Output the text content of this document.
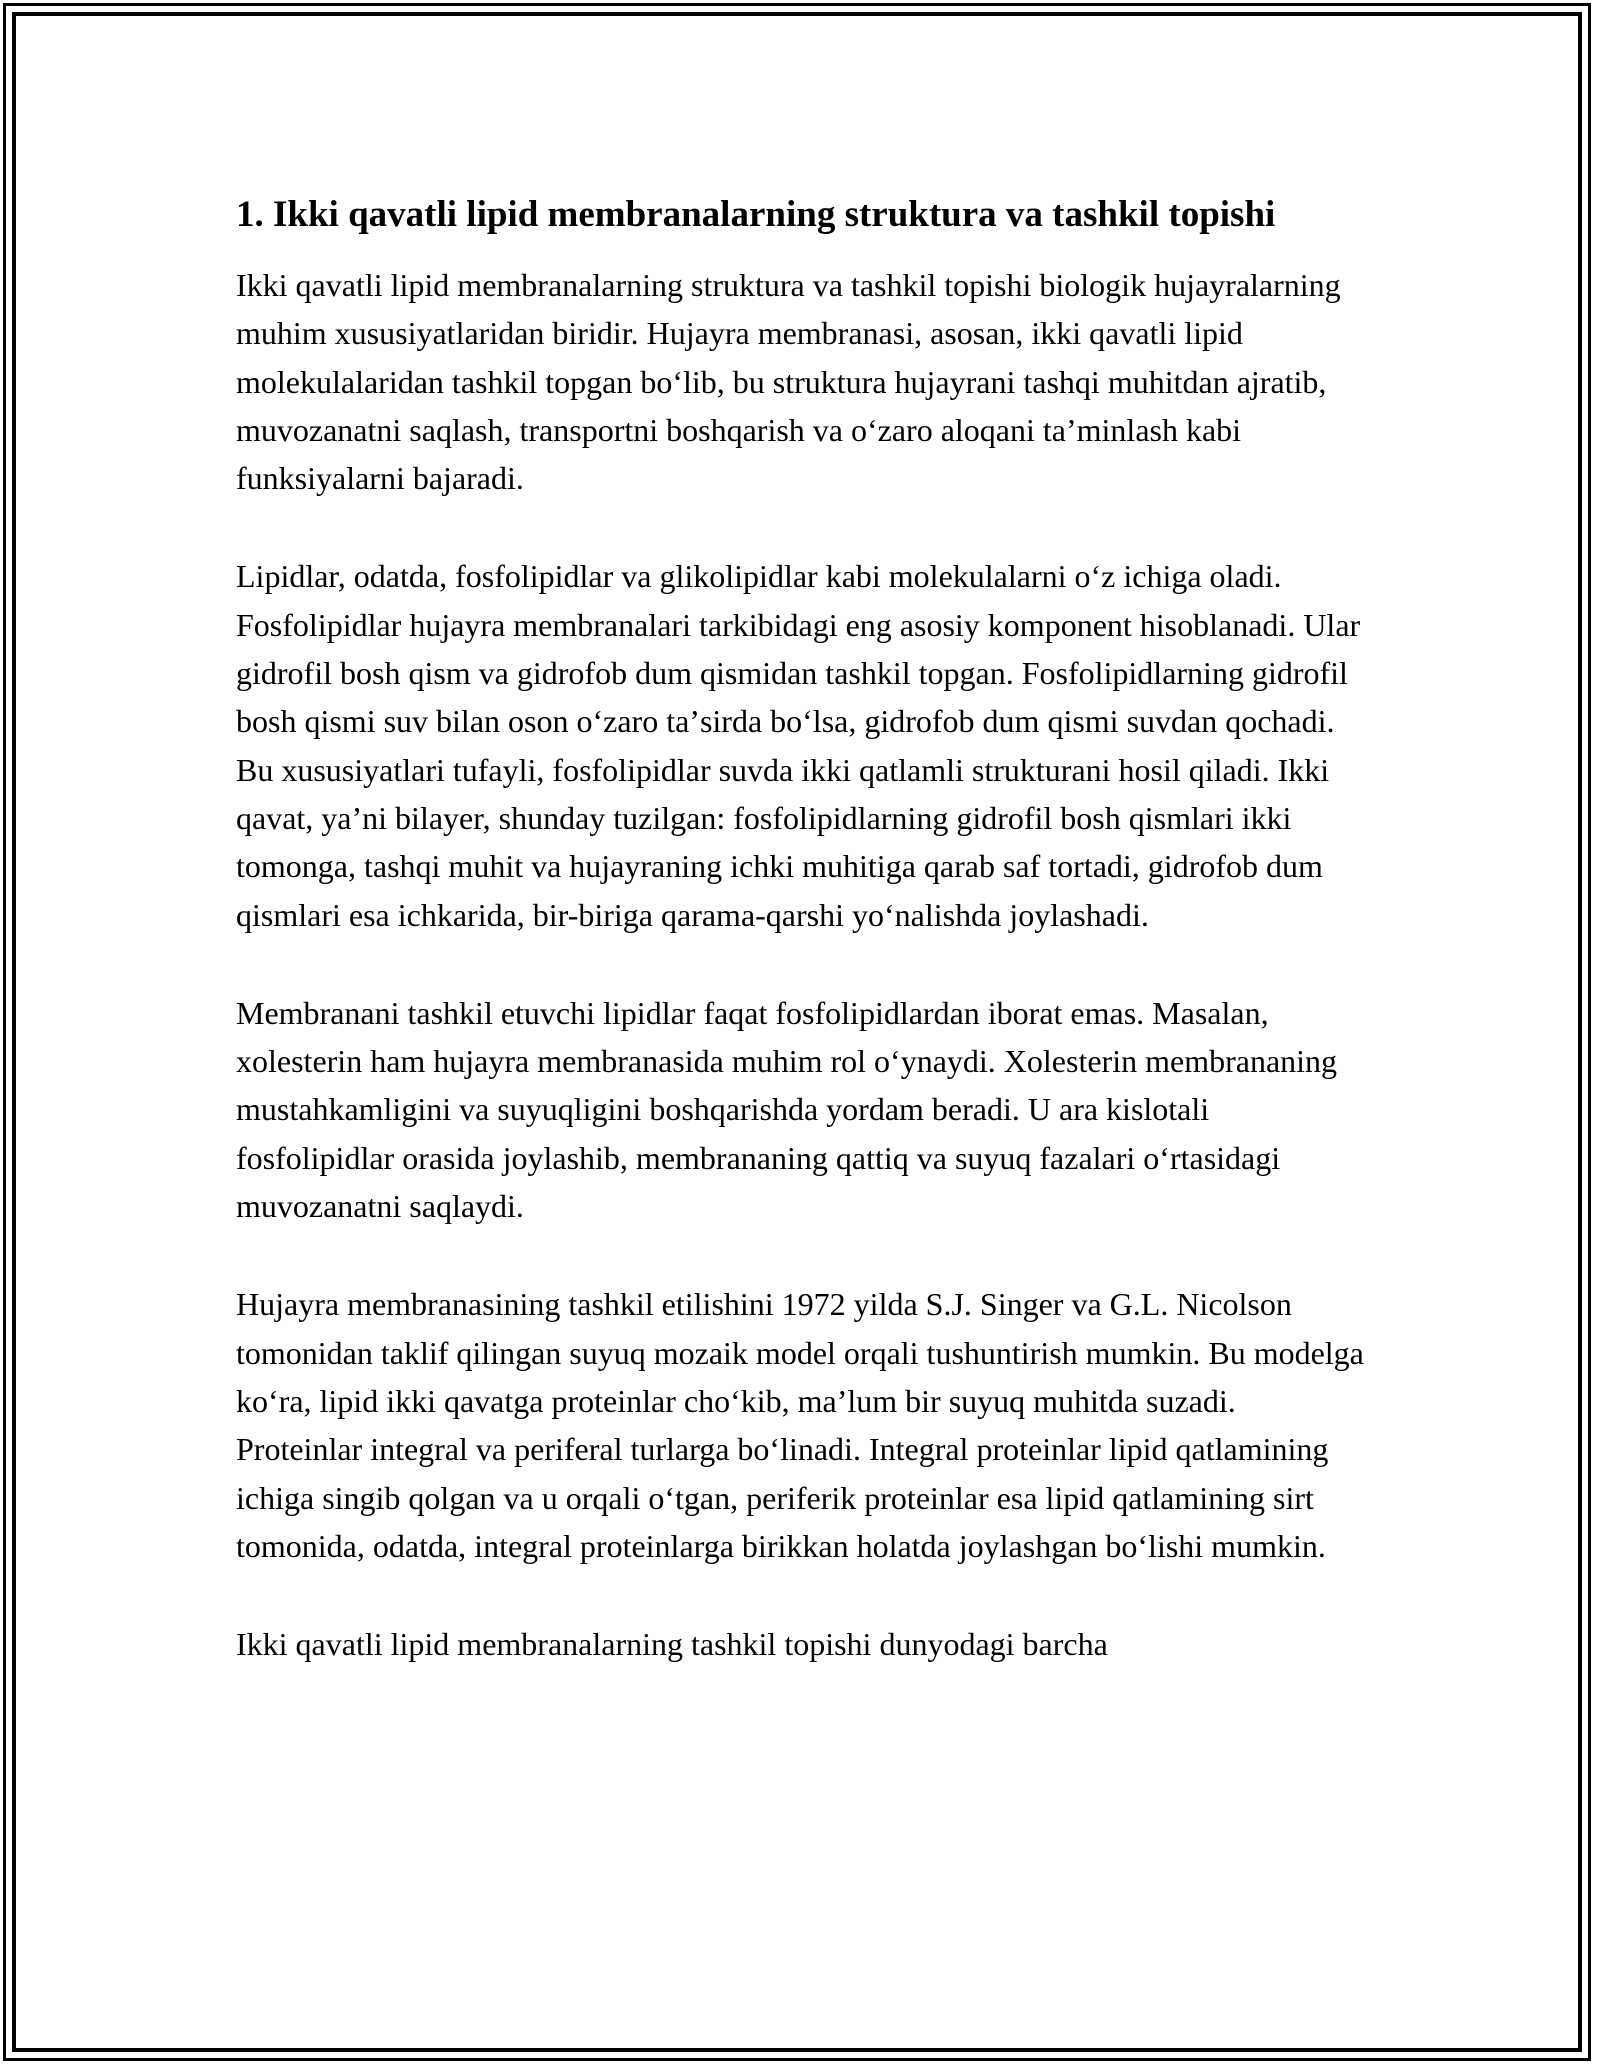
1. Ikki qavatli lipid membranalarning struktura va tashkil topishi

Ikki qavatli lipid membranalarning struktura va tashkil topishi biologik hujayralarning muhim xususiyatlaridan biridir. Hujayra membranasi, asosan, ikki qavatli lipid molekulalaridan tashkil topgan boʻlib, bu struktura hujayrani tashqi muhitdan ajratib, muvozanatni saqlash, transportni boshqarish va oʻzaro aloqani taʼminlash kabi funksiyalarni bajaradi.

Lipidlar, odatda, fosfolipidlar va glikolipidlar kabi molekulalarni oʻz ichiga oladi. Fosfolipidlar hujayra membranalari tarkibidagi eng asosiy komponent hisoblanadi. Ular gidrofil bosh qism va gidrofob dum qismidan tashkil topgan. Fosfolipidlarning gidrofil bosh qismi suv bilan oson oʻzaro taʼsirda boʻlsa, gidrofob dum qismi suvdan qochadi. Bu xususiyatlari tufayli, fosfolipidlar suvda ikki qatlamli strukturani hosil qiladi. Ikki qavat, yaʼni bilayer, shunday tuzilgan: fosfolipidlarning gidrofil bosh qismlari ikki tomonga, tashqi muhit va hujayraning ichki muhitiga qarab saf tortadi, gidrofob dum qismlari esa ichkarida, bir-biriga qarama-qarshi yoʻnalishda joylashadi.

Membranani tashkil etuvchi lipidlar faqat fosfolipidlardan iborat emas. Masalan, xolesterin ham hujayra membranasida muhim rol oʻynaydi. Xolesterin membrananing mustahkamligini va suyuqligini boshqarishda yordam beradi. U ara kislotali fosfolipidlar orasida joylashib, membrananing qattiq va suyuq fazalari oʻrtasidagi muvozanatni saqlaydi.

Hujayra membranasining tashkil etilishini 1972 yilda S.J. Singer va G.L. Nicolson tomonidan taklif qilingan suyuq mozaik model orqali tushuntirish mumkin. Bu modelga koʻra, lipid ikki qavatga proteinlar choʻkib, maʼlum bir suyuq muhitda suzadi. Proteinlar integral va periferal turlarga boʻlinadi. Integral proteinlar lipid qatlamining ichiga singib qolgan va u orqali oʻtgan, periferik proteinlar esa lipid qatlamining sirt tomonida, odatda, integral proteinlarga birikkan holatda joylashgan boʻlishi mumkin.

Ikki qavatli lipid membranalarning tashkil topishi dunyodagi barcha
